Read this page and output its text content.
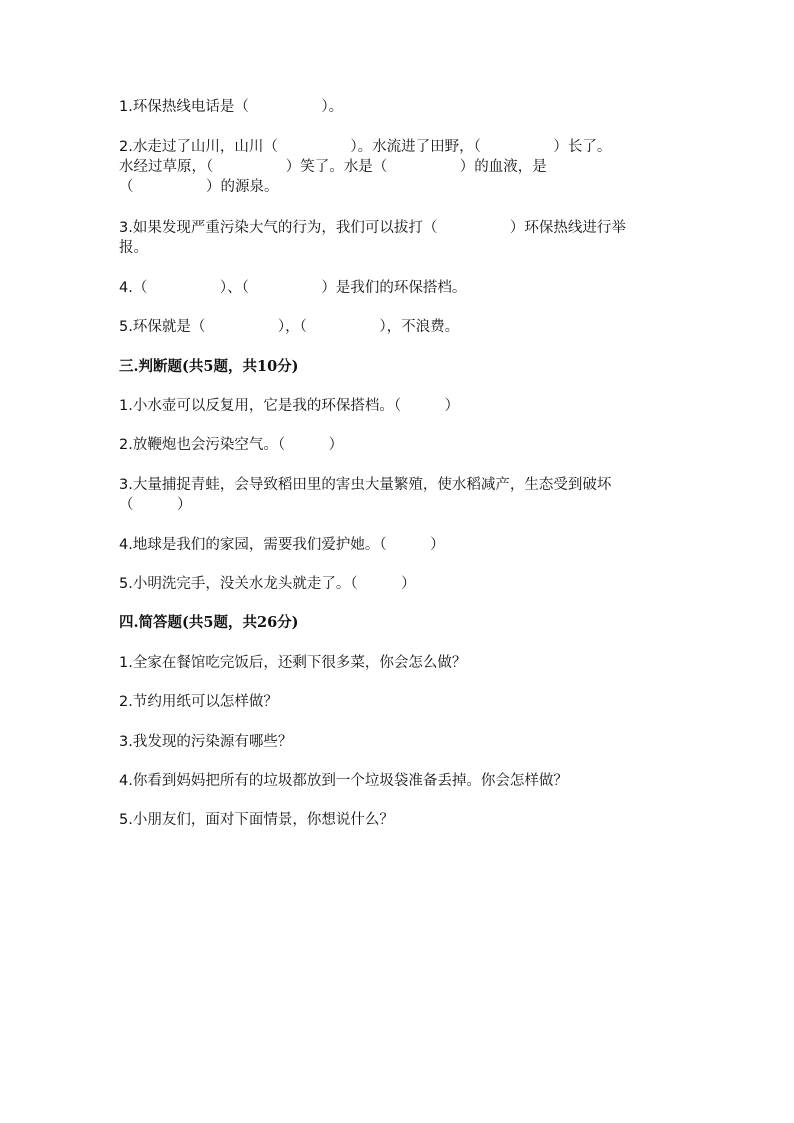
1.环保热线电话是（　　　　　）。
2.水走过了山川，山川（　　　　　）。水流进了田野，（　　　　　）长了。
水经过草原，（　　　　　）笑了。水是（　　　　　）的血液，是
（　　　　　）的源泉。
3.如果发现严重污染大气的行为，我们可以拔打（　　　　　）环保热线进行举
报。
4.（　　　　　）、（　　　　　）是我们的环保搭档。
5.环保就是（　　　　　），（　　　　　），不浪费。
三.判断题(共5题，共10分)
1.小水壶可以反复用，它是我的环保搭档。（　　　）
2.放鞭炮也会污染空气。（　　　）
3.大量捕捉青蛙，会导致稻田里的害虫大量繁殖，使水稻减产，生态受到破坏
（　　　）
4.地球是我们的家园，需要我们爱护她。（　　　）
5.小明洗完手，没关水龙头就走了。（　　　）
四.简答题(共5题，共26分)
1.全家在餐馆吃完饭后，还剩下很多菜，你会怎么做？
2.节约用纸可以怎样做？
3.我发现的污染源有哪些？
4.你看到妈妈把所有的垃圾都放到一个垃圾袋准备丢掉。你会怎样做？
5.小朋友们，面对下面情景，你想说什么？
